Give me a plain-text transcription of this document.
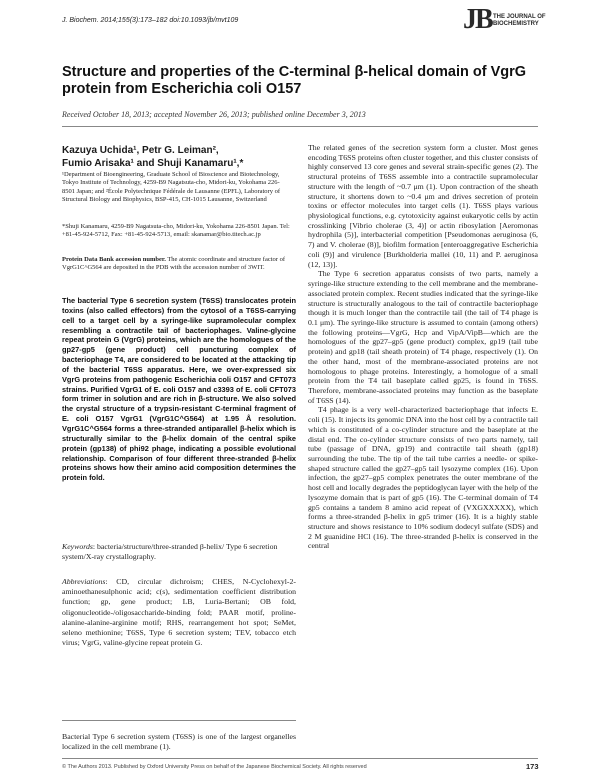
J. Biochem. 2014;155(3):173–182 doi:10.1093/jb/mvt109	JB THE JOURNAL OF
BIOCHEMISTRY
Structure and properties of the C-terminal β-helical domain of VgrG protein from Escherichia coli O157
Received October 18, 2013; accepted November 26, 2013; published online December 3, 2013
Kazuya Uchida¹, Petr G. Leiman²,
Fumio Arisaka¹ and Shuji Kanamaru¹,*
¹Department of Bioengineering, Graduate School of Bioscience and Biotechnology, Tokyo Institute of Technology, 4259-B9 Nagatsuta-cho, Midori-ku, Yokohama 226-8501 Japan; and ²École Polytechnique Fédérale de Lausanne (EPFL), Laboratory of Structural Biology and Biophysics, BSP-415, CH-1015 Lausanne, Switzerland
*Shuji Kanamaru, 4259-B9 Nagatsuta-cho, Midori-ku, Yokohama 226-8501 Japan. Tel: +81-45-924-5712, Fax: +81-45-924-5713, email: skanamar@bio.titech.ac.jp
Protein Data Bank accession number. The atomic coordinate and structure factor of VgrG1C^G564 are deposited in the PDB with the accession number of 3WIT.
The bacterial Type 6 secretion system (T6SS) translocates protein toxins (also called effectors) from the cytosol of a T6SS-carrying cell to a target cell by a syringe-like supramolecular complex resembling a contractile tail of bacteriophages. Valine-glycine repeat protein G (VgrG) proteins, which are the homologues of the gp27-gp5 (gene product) cell puncturing complex of bacteriophage T4, are considered to be located at the attacking tip of the bacterial T6SS apparatus. Here, we over-expressed six VgrG proteins from pathogenic Escherichia coli O157 and CFT073 strains. Purified VgrG1 of E. coli O157 and c3393 of E. coli CFT073 form trimer in solution and are rich in β-structure. We also solved the crystal structure of a trypsin-resistant C-terminal fragment of E. coli O157 VgrG1 (VgrG1C^G564) at 1.95 Å resolution. VgrG1C^G564 forms a three-stranded antiparallel β-helix which is structurally similar to the β-helix domain of the central spike protein (gp138) of phi92 phage, indicating a possible evolutional relationship. Comparison of four different three-stranded β-helix proteins shows how their amino acid composition determines the protein fold.
Keywords: bacteria/structure/three-stranded β-helix/ Type 6 secretion system/X-ray crystallography.
Abbreviations: CD, circular dichroism; CHES, N-Cyclohexyl-2-aminoethanesulphonic acid; c(s), sedimentation coefficient distribution function; gp, gene product; LB, Luria-Bertani; OB fold, oligonucleotide-/oligosaccharide-binding fold; PAAR motif, proline-alanine-alanine-arginine motif; RHS, rearrangement hot spot; SeMet, seleno methionine; T6SS, Type 6 secretion system; TEV, tobacco etch virus; VgrG, valine-glycine repeat protein G.
Bacterial Type 6 secretion system (T6SS) is one of the largest organelles localized in the cell membrane (1).

The related genes of the secretion system form a cluster. Most genes encoding T6SS proteins often cluster together, and this cluster consists of highly conserved 13 core genes and several strain-specific genes (2). The structural proteins of T6SS assemble into a contractile supramolecular structure with the length of ~0.7 μm (1). Upon contraction of the sheath structure, it shortens down to ~0.4 μm and drives secretion of protein toxins or effector molecules into target cells (1). T6SS plays various physiological functions, e.g. cytotoxicity against eukaryotic cells by actin crosslinking [Vibrio cholerae (3, 4)] or actin ribosylation [Aeromonas hydrophila (5)], interbacterial competition [Pseudomonas aeruginosa (6, 7) and V. cholerae (8)], biofilm formation [enteroaggregative Escherichia coli (9)] and virulence [Burkholderia mallei (10, 11) and P. aeruginosa (12, 13)].

The Type 6 secretion apparatus consists of two parts, namely a syringe-like structure extending to the cell membrane and the membrane-associated protein complex. Recent studies indicated that the syringe-like structure is structurally analogous to the tail of contractile bacteriophage though it is much longer than the contractile tail (the tail of T4 phage is 0.1 μm). The syringe-like structure is assumed to contain (among others) the following proteins—VgrG, Hcp and VipA/VipB—which are the homologues of the gp27–gp5 (gene product) complex, gp19 (tail tube protein) and gp18 (tail sheath protein) of T4 phage, respectively (1). On the other hand, most of the membrane-associated proteins are not homologous to phage proteins. Interestingly, a homologue of a small protein from the T4 tail baseplate called gp25, is found in T6SS. Therefore, membrane-associated proteins may function as the baseplate of T6SS (14).

T4 phage is a very well-characterized bacteriophage that infects E. coli (15). It injects its genomic DNA into the host cell by a contractile tail which is constituted of a co-cylinder structure and the baseplate at the distal end. The co-cylinder structure consists of two parts namely, tail tube (passage of DNA, gp19) and contractile tail sheath (gp18) surrounding the tube. The tip of the tail tube carries a needle- or spike-shaped structure called the gp27–gp5 tail lysozyme complex (16). Upon infection, the gp27–gp5 complex penetrates the outer membrane of the host cell and locally degrades the peptidoglycan layer with the help of the lysozyme domain that is part of gp5 (16). The C-terminal domain of T4 gp5 contains a tandem 8 amino acid repeat of (VXGXXXXX), which forms a three-stranded β-helix in gp5 trimer (16). It is a highly stable structure and shows resistance to 10% sodium dodecyl sulfate (SDS) and 2 M guanidine HCl (16). The three-stranded β-helix is conserved in the central

© The Authors 2013. Published by Oxford University Press on behalf of the Japanese Biochemical Society. All rights reserved	173
